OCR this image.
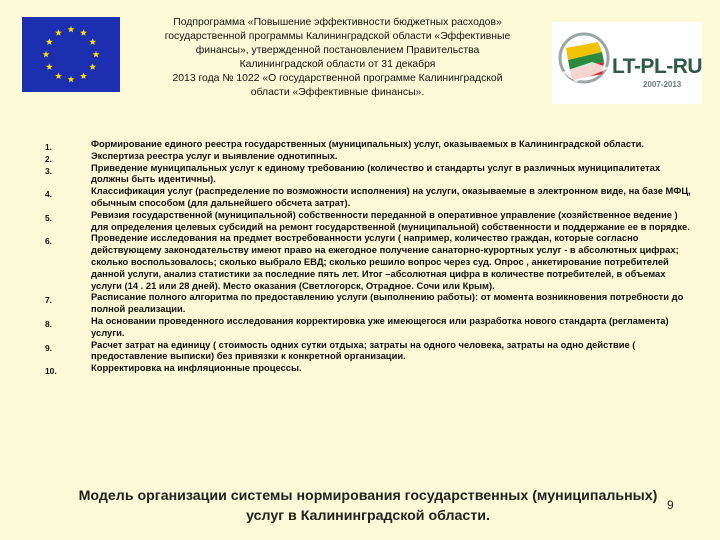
Подпрограмма «Повышение эффективности бюджетных расходов»
государственной программы Калининградской области «Эффективные
финансы», утвержденной постановлением Правительства
Калининградской области от 31 декабря
2013 года № 1022 «О государственной программе Калининградской
области «Эффективные финансы».
LT-PL-RU
2007-2013
1.	Формирование единого реестра государственных (муниципальных) услуг, оказываемых в Калининградской области.
2.	Экспертиза реестра услуг и выявление однотипных.
3.	Приведение муниципальных услуг к единому требованию (количество и стандарты услуг в различных муниципалитетах должны быть идентичны).
4.	Классификация услуг (распределение по возможности исполнения) на услуги, оказываемые в электронном виде, на базе МФЦ, обычным способом (для дальнейшего обсчета затрат).
5.	Ревизия государственной (муниципальной) собственности переданной в оперативное управление (хозяйственное ведение ) для определения целевых субсидий на ремонт государственной (муниципальной) собственности и поддержание ее в порядке.
6.	Проведение исследования на предмет востребованности услуги ( например, количество граждан, которые согласно действующему законодательству имеют право на ежегодное получение санаторно-курортных услуг - в абсолютных цифрах; сколько воспользовалось; сколько выбрало ЕВД; сколько решило вопрос через суд. Опрос , анкетирование потребителей данной услуги, анализ статистики за последние пять лет. Итог –абсолютная цифра в количестве потребителей, в объемах услуги (14 . 21 или 28 дней). Место оказания (Светлогорск, Отрадное. Сочи или Крым).
7.	Расписание полного алгоритма по предоставлению услуги (выполнению работы): от момента возникновения потребности до полной реализации.
8.	На основании проведенного исследования корректировка уже имеющегося или разработка нового стандарта (регламента) услуги.
9.	Расчет затрат на единицу ( стоимость одних сутки отдыха; затраты на одного человека, затраты на одно действие ( предоставление выписки) без привязки к конкретной организации.
10.	Корректировка на инфляционные процессы.
Модель организации системы нормирования государственных (муниципальных)
услуг в Калининградской области.
9
